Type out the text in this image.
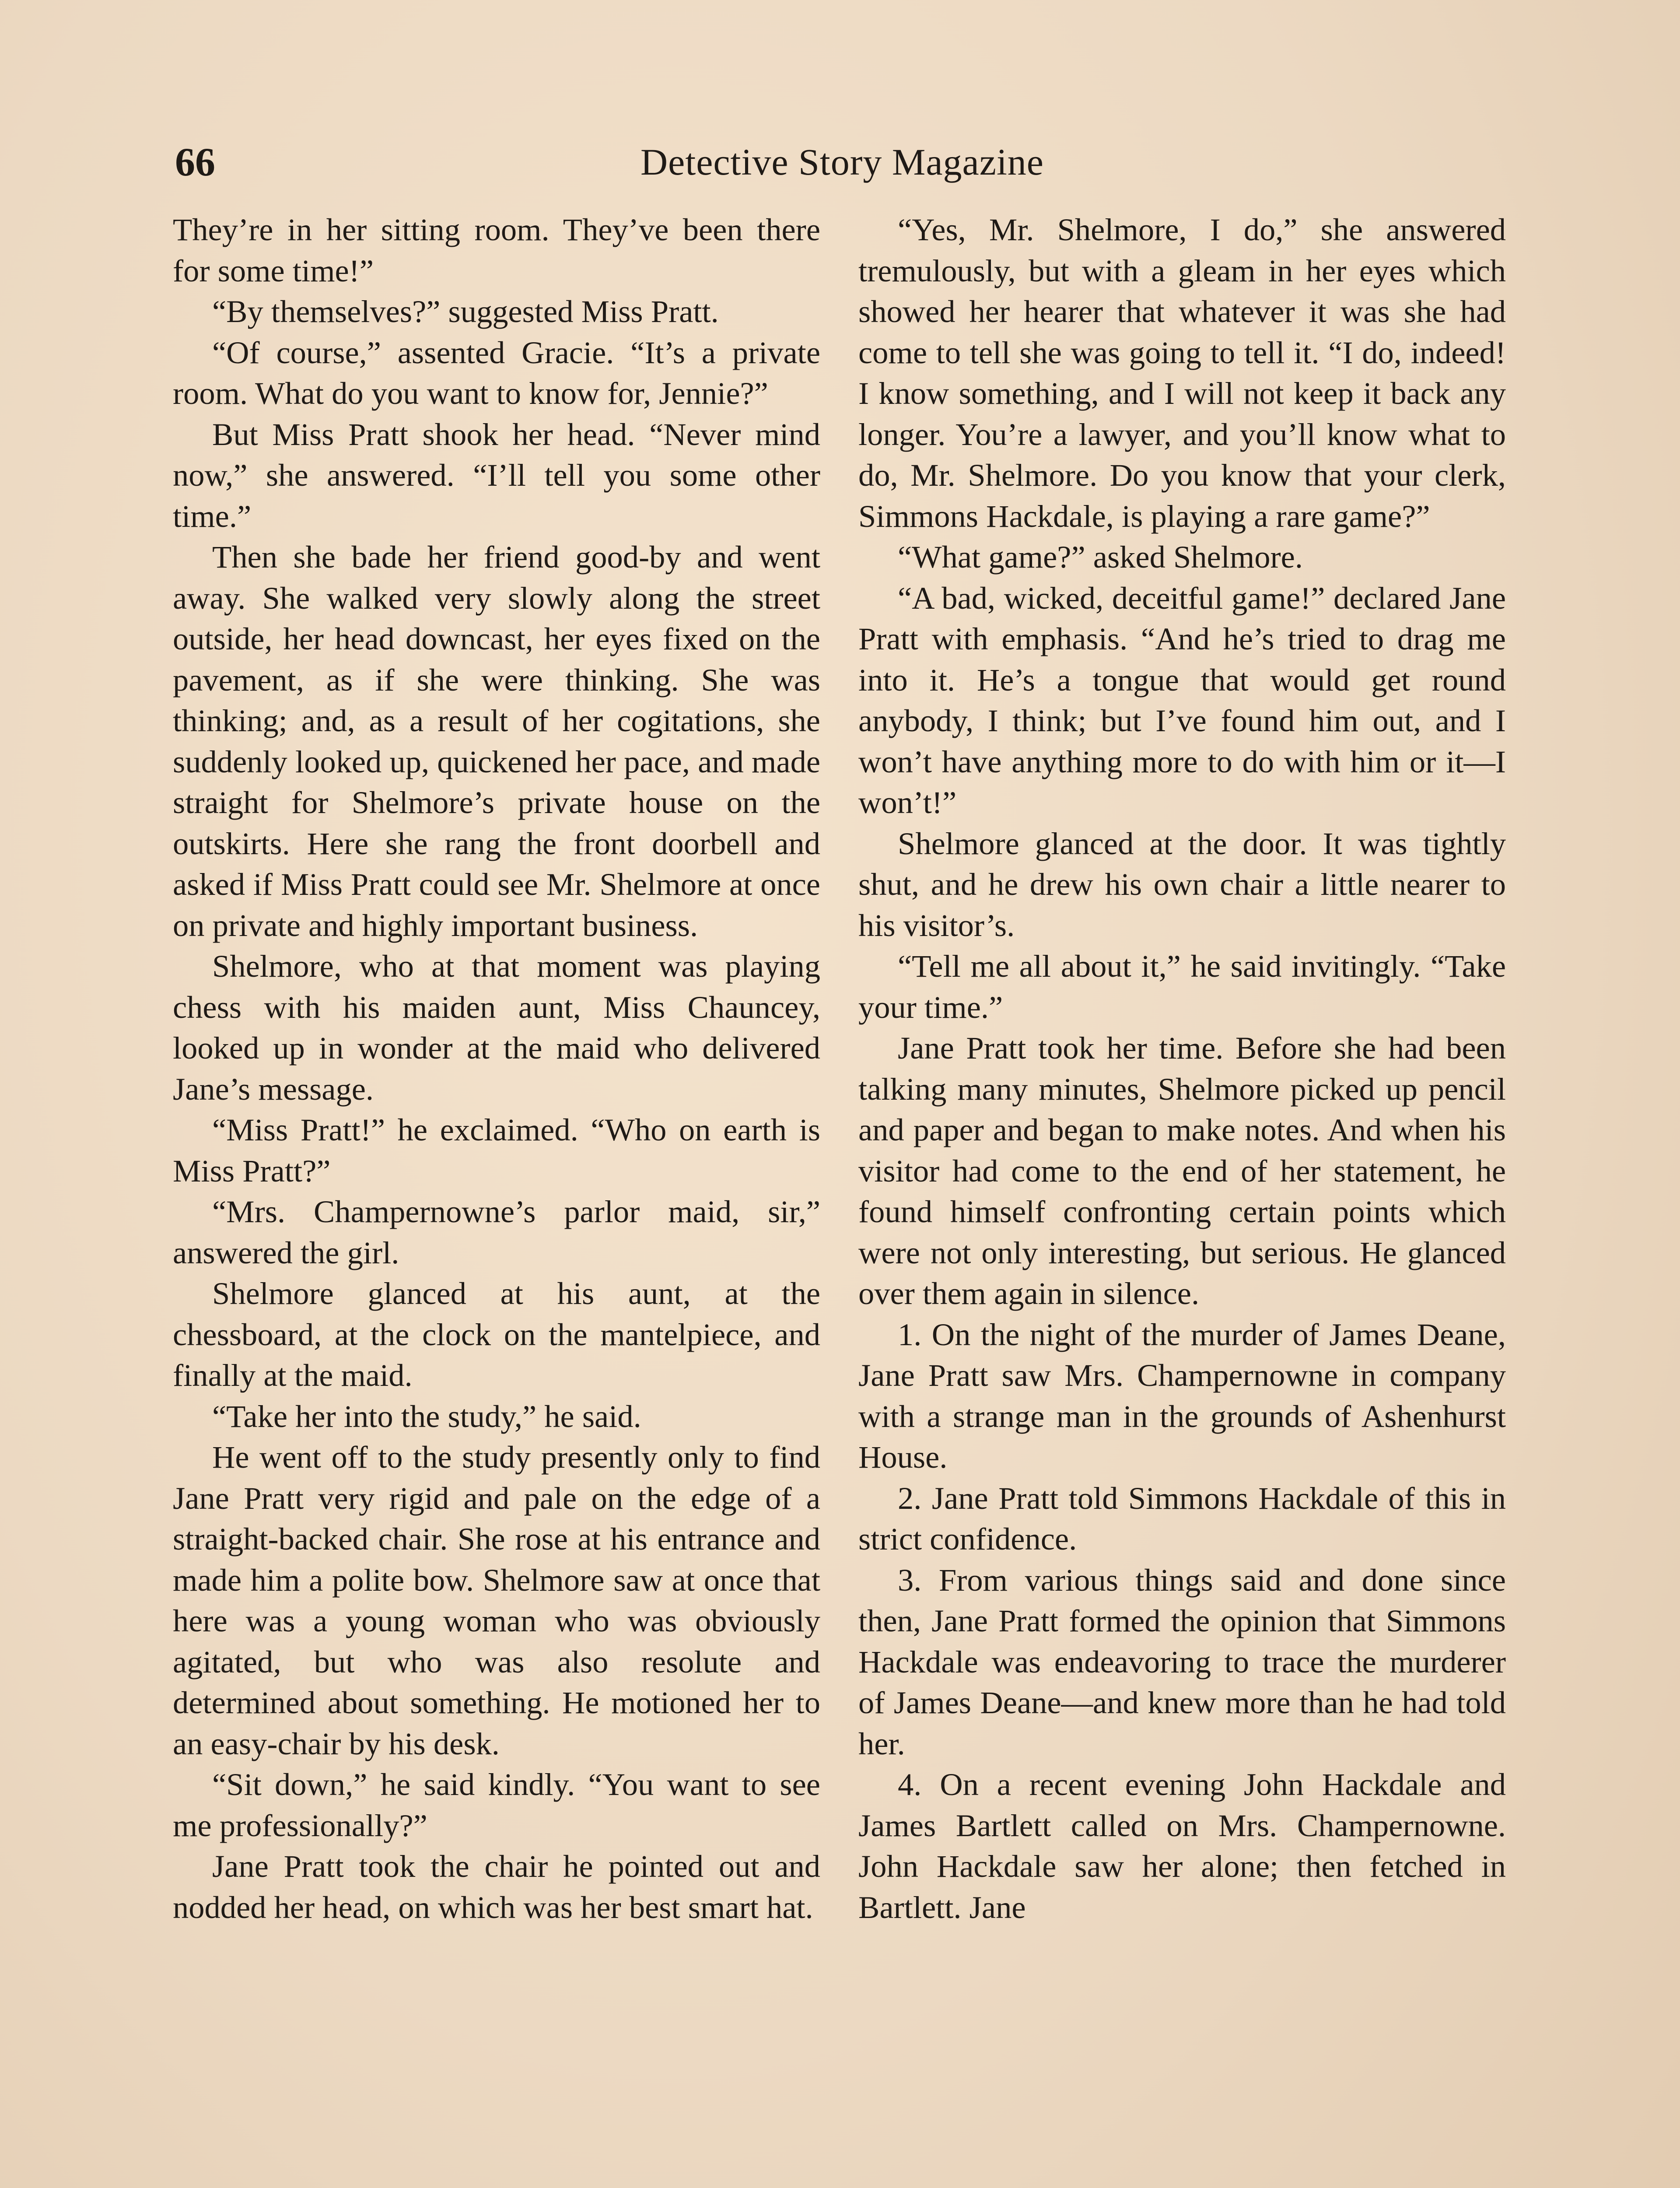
66	Detective Story Magazine

They’re in her sitting room. They’ve been there for some time!”

“By themselves?” suggested Miss Pratt.

“Of course,” assented Gracie. “It’s a private room. What do you want to know for, Jennie?”

But Miss Pratt shook her head. “Never mind now,” she answered. “I’ll tell you some other time.”

Then she bade her friend good-by and went away. She walked very slowly along the street outside, her head downcast, her eyes fixed on the pavement, as if she were thinking. She was thinking; and, as a result of her cogitations, she suddenly looked up, quickened her pace, and made straight for Shelmore’s private house on the outskirts. Here she rang the front doorbell and asked if Miss Pratt could see Mr. Shelmore at once on private and highly important business.

Shelmore, who at that moment was playing chess with his maiden aunt, Miss Chauncey, looked up in wonder at the maid who delivered Jane’s message.

“Miss Pratt!” he exclaimed. “Who on earth is Miss Pratt?”

“Mrs. Champernowne’s parlor maid, sir,” answered the girl.

Shelmore glanced at his aunt, at the chessboard, at the clock on the mantelpiece, and finally at the maid.

“Take her into the study,” he said.

He went off to the study presently only to find Jane Pratt very rigid and pale on the edge of a straight-backed chair. She rose at his entrance and made him a polite bow. Shelmore saw at once that here was a young woman who was obviously agitated, but who was also resolute and determined about something. He motioned her to an easy-chair by his desk.

“Sit down,” he said kindly. “You want to see me professionally?”

Jane Pratt took the chair he pointed out and nodded her head, on which was her best smart hat.

“Yes, Mr. Shelmore, I do,” she answered tremulously, but with a gleam in her eyes which showed her hearer that whatever it was she had come to tell she was going to tell it. “I do, indeed! I know something, and I will not keep it back any longer. You’re a lawyer, and you’ll know what to do, Mr. Shelmore. Do you know that your clerk, Simmons Hackdale, is playing a rare game?”

“What game?” asked Shelmore.

“A bad, wicked, deceitful game!” declared Jane Pratt with emphasis. “And he’s tried to drag me into it. He’s a tongue that would get round anybody, I think; but I’ve found him out, and I won’t have anything more to do with him or it—I won’t!”

Shelmore glanced at the door. It was tightly shut, and he drew his own chair a little nearer to his visitor’s.

“Tell me all about it,” he said invitingly. “Take your time.”

Jane Pratt took her time. Before she had been talking many minutes, Shelmore picked up pencil and paper and began to make notes. And when his visitor had come to the end of her statement, he found himself confronting certain points which were not only interesting, but serious. He glanced over them again in silence.

1. On the night of the murder of James Deane, Jane Pratt saw Mrs. Champernowne in company with a strange man in the grounds of Ashenhurst House.

2. Jane Pratt told Simmons Hackdale of this in strict confidence.

3. From various things said and done since then, Jane Pratt formed the opinion that Simmons Hackdale was endeavoring to trace the murderer of James Deane—and knew more than he had told her.

4. On a recent evening John Hackdale and James Bartlett called on Mrs. Champernowne. John Hackdale saw her alone; then fetched in Bartlett. Jane
